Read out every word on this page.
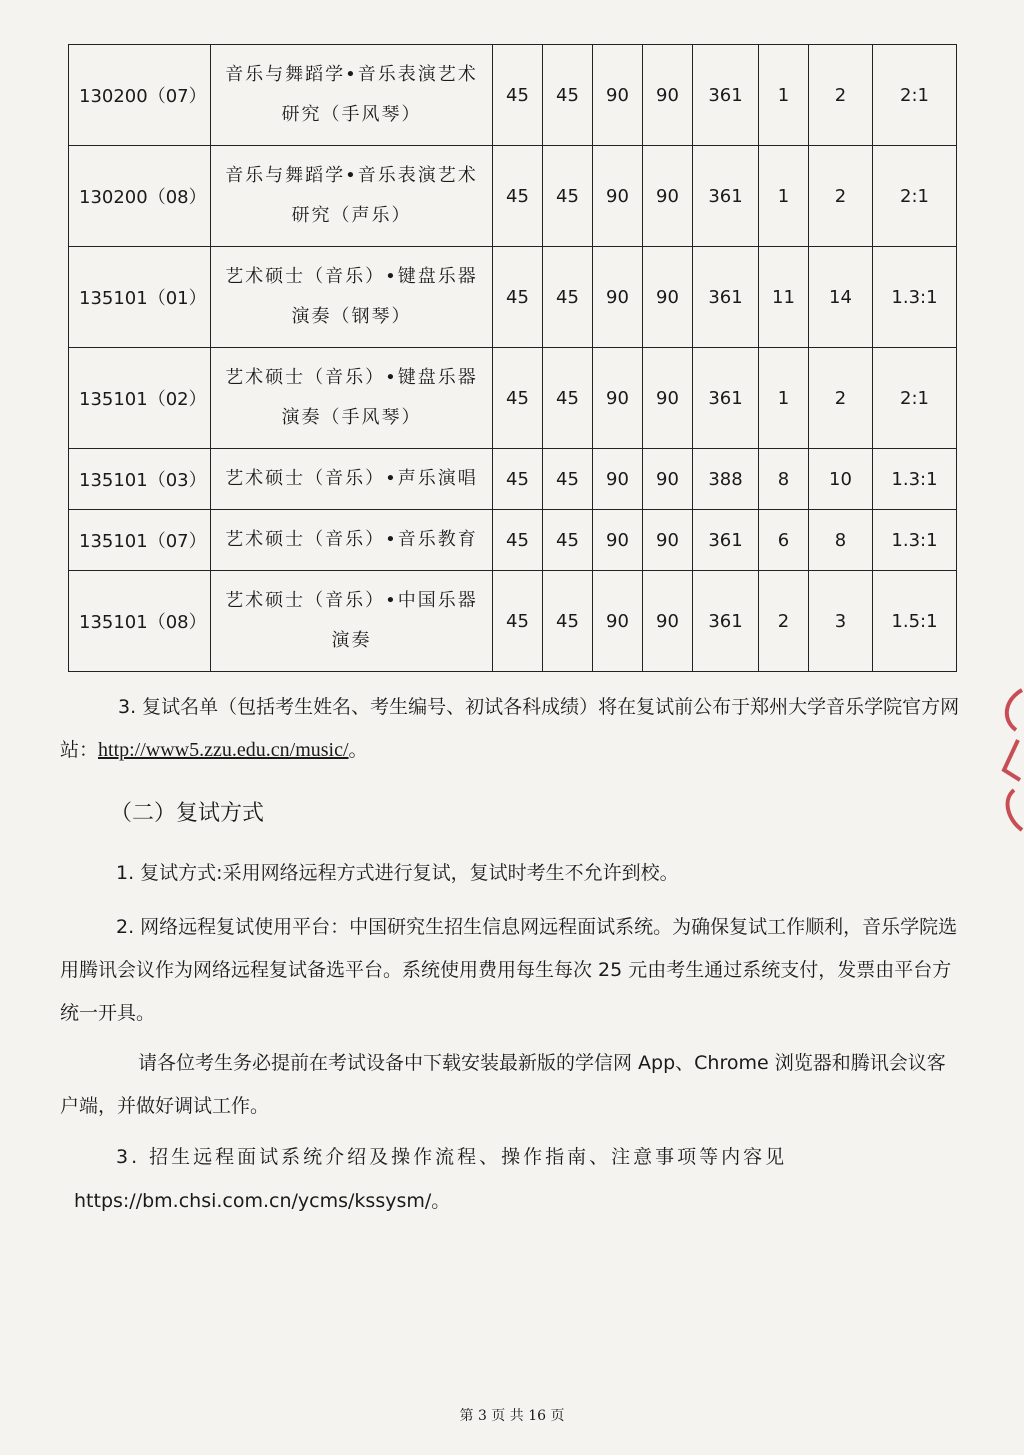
130200（07）	音乐与舞蹈学•音乐表演艺术研究（手风琴）	45	45	90	90	361	1	2	2:1
130200（08）	音乐与舞蹈学•音乐表演艺术研究（声乐）	45	45	90	90	361	1	2	2:1
135101（01）	艺术硕士（音乐）•键盘乐器演奏（钢琴）	45	45	90	90	361	11	14	1.3:1
135101（02）	艺术硕士（音乐）•键盘乐器演奏（手风琴）	45	45	90	90	361	1	2	2:1
135101（03）	艺术硕士（音乐）•声乐演唱	45	45	90	90	388	8	10	1.3:1
135101（07）	艺术硕士（音乐）•音乐教育	45	45	90	90	361	6	8	1.3:1
135101（08）	艺术硕士（音乐）•中国乐器演奏	45	45	90	90	361	2	3	1.5:1
3. 复试名单（包括考生姓名、考生编号、初试各科成绩）将在复试前公布于郑州大学音乐学院官方网站：http://www5.zzu.edu.cn/music/。
（二）复试方式
1. 复试方式:采用网络远程方式进行复试，复试时考生不允许到校。
2. 网络远程复试使用平台：中国研究生招生信息网远程面试系统。为确保复试工作顺利，音乐学院选用腾讯会议作为网络远程复试备选平台。系统使用费用每生每次 25 元由考生通过系统支付，发票由平台方统一开具。
请各位考生务必提前在考试设备中下载安装最新版的学信网 App、Chrome 浏览器和腾讯会议客户端，并做好调试工作。
3. 招生远程面试系统介绍及操作流程、操作指南、注意事项等内容见
https://bm.chsi.com.cn/ycms/kssysm/。
第 3 页 共 16 页
